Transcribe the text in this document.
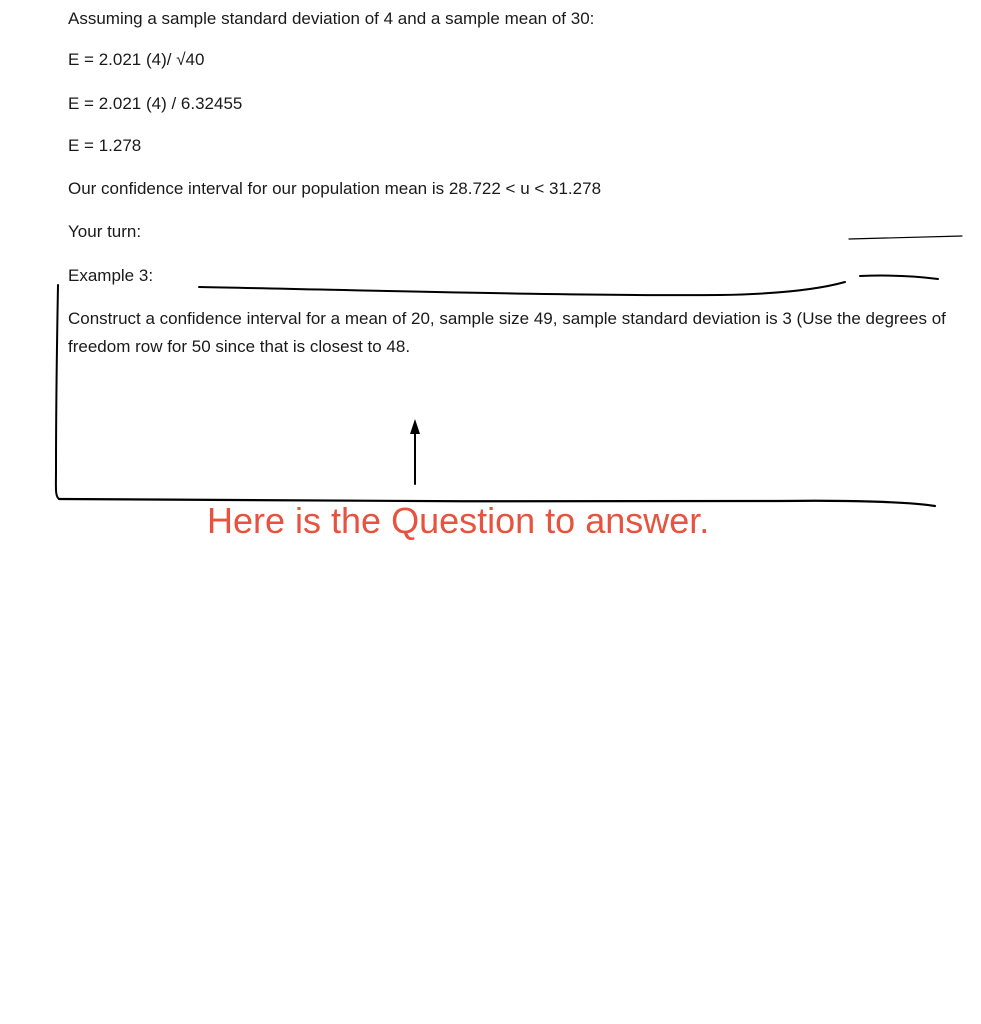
Assuming a sample standard deviation of 4 and a sample mean of 30:
E = 2.021 (4)/ √40
E = 2.021 (4) / 6.32455
E = 1.278
Our confidence interval for our population mean is 28.722 < u < 31.278
Your turn:
Example 3:
Construct a confidence interval for a mean of 20, sample size 49, sample standard deviation is 3 (Use the degrees of freedom row for 50 since that is closest to 48.
Here is the Question to answer.
